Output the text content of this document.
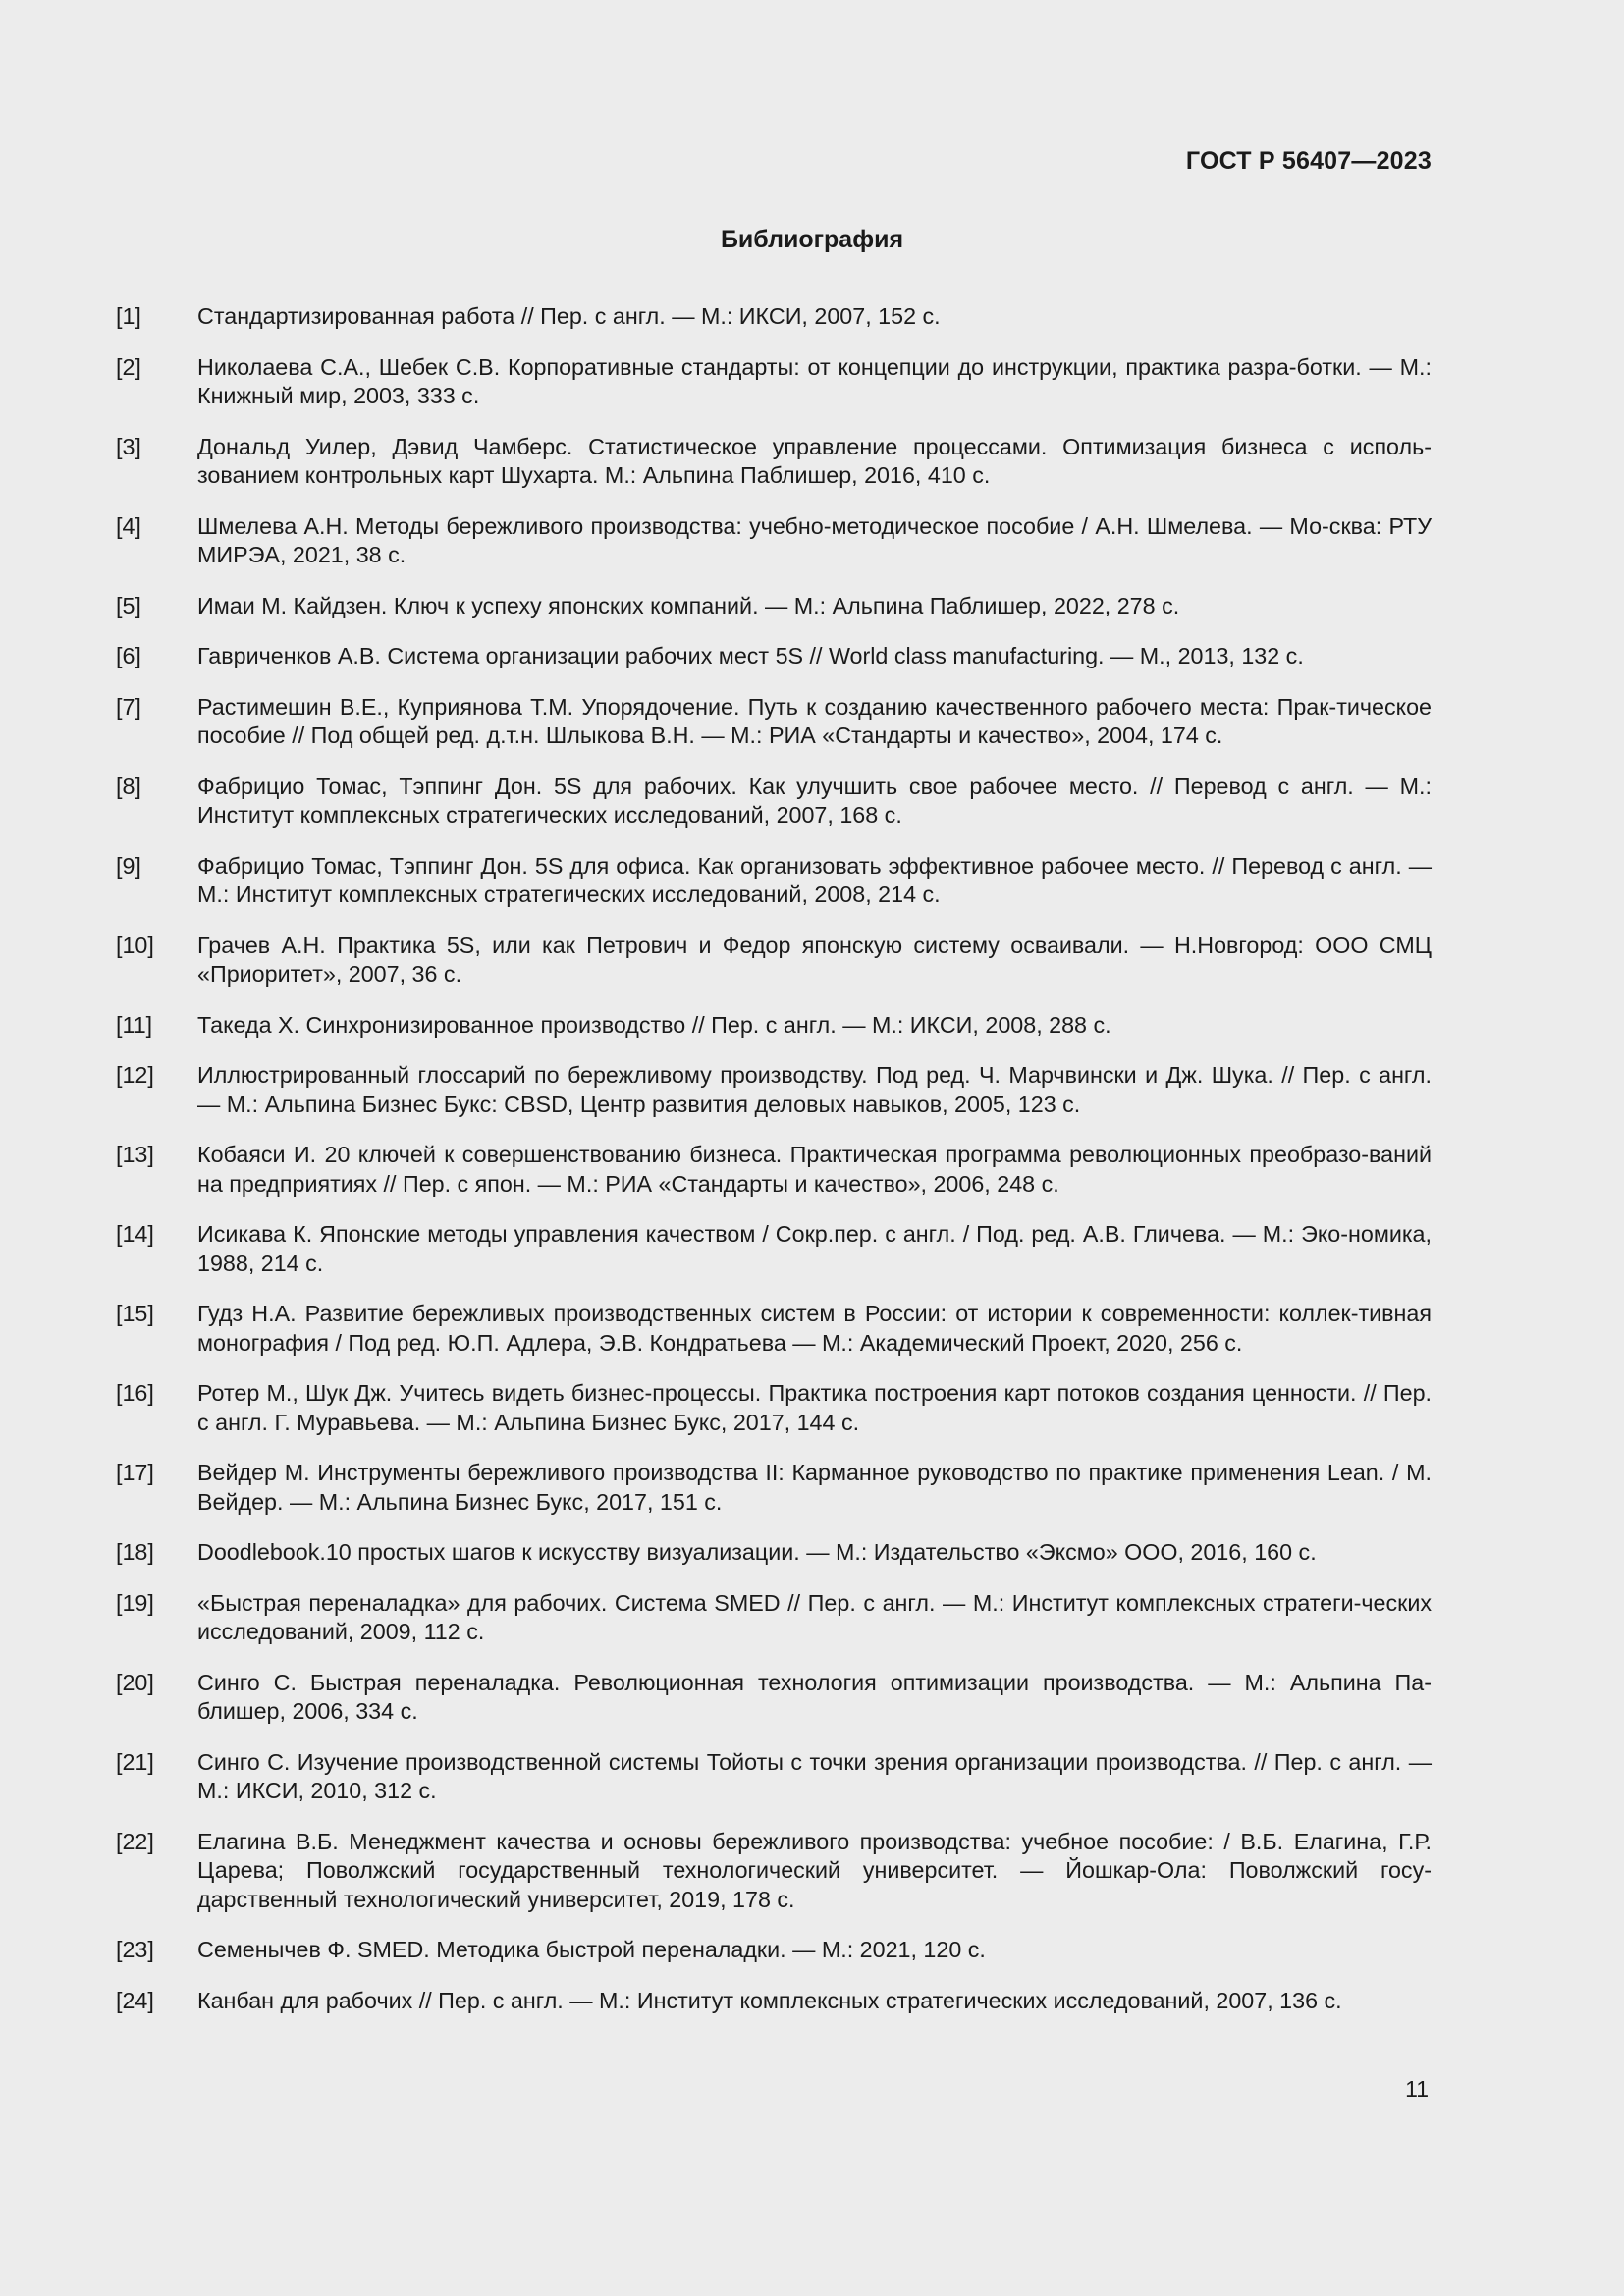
ГОСТ Р 56407—2023
Библиография
[1]	Стандартизированная работа // Пер. с англ. — М.: ИКСИ, 2007, 152 с.
[2]	Николаева С.А., Шебек С.В. Корпоративные стандарты: от концепции до инструкции, практика разра-ботки. — М.: Книжный мир, 2003, 333 с.
[3]	Дональд Уилер, Дэвид Чамберс. Статистическое управление процессами. Оптимизация бизнеса с исполь-зованием контрольных карт Шухарта. М.: Альпина Паблишер, 2016, 410 с.
[4]	Шмелева А.Н. Методы бережливого производства: учебно-методическое пособие / А.Н. Шмелева. — Мо-сква: РТУ МИРЭА, 2021, 38 с.
[5]	Имаи М. Кайдзен. Ключ к успеху японских компаний. — М.: Альпина Паблишер, 2022, 278 с.
[6]	Гавриченков А.В. Система организации рабочих мест 5S // World class manufacturing. — М., 2013, 132 с.
[7]	Растимешин В.Е., Куприянова Т.М. Упорядочение. Путь к созданию качественного рабочего места: Прак-тическое пособие // Под общей ред. д.т.н. Шлыкова В.Н. — М.: РИА «Стандарты и качество», 2004, 174 с.
[8]	Фабрицио Томас, Тэппинг Дон. 5S для рабочих. Как улучшить свое рабочее место. // Перевод с англ. — М.: Институт комплексных стратегических исследований, 2007, 168 с.
[9]	Фабрицио Томас, Тэппинг Дон. 5S для офиса. Как организовать эффективное рабочее место. // Перевод с англ. — М.: Институт комплексных стратегических исследований, 2008, 214 с.
[10]	Грачев А.Н. Практика 5S, или как Петрович и Федор японскую систему осваивали. — Н.Новгород: ООО СМЦ «Приоритет», 2007, 36 с.
[11]	Такеда Х. Синхронизированное производство // Пер. с англ. — М.: ИКСИ, 2008, 288 с.
[12]	Иллюстрированный глоссарий по бережливому производству. Под ред. Ч. Марчвински и Дж. Шука. // Пер. с англ. — М.: Альпина Бизнес Букс: CBSD, Центр развития деловых навыков, 2005, 123 с.
[13]	Кобаяси И. 20 ключей к совершенствованию бизнеса. Практическая программа революционных преобразо-ваний на предприятиях // Пер. с япон. — М.: РИА «Стандарты и качество», 2006, 248 с.
[14]	Исикава К. Японские методы управления качеством / Сокр.пер. с англ. / Под. ред. А.В. Гличева. — М.: Эко-номика, 1988, 214 с.
[15]	Гудз Н.А. Развитие бережливых производственных систем в России: от истории к современности: коллек-тивная монография / Под ред. Ю.П. Адлера, Э.В. Кондратьева — М.: Академический Проект, 2020, 256 с.
[16]	Ротер М., Шук Дж. Учитесь видеть бизнес-процессы. Практика построения карт потоков создания ценности. // Пер. с англ. Г. Муравьева. — М.: Альпина Бизнес Букс, 2017, 144 с.
[17]	Вейдер М. Инструменты бережливого производства II: Карманное руководство по практике применения Lean. / М. Вейдер. — М.: Альпина Бизнес Букс, 2017, 151 с.
[18]	Doodlebook.10 простых шагов к искусству визуализации. — М.: Издательство «Эксмо» ООО, 2016, 160 с.
[19]	«Быстрая переналадка» для рабочих. Система SMED // Пер. с англ. — М.: Институт комплексных стратеги-ческих исследований, 2009, 112 с.
[20]	Синго С. Быстрая переналадка. Революционная технология оптимизации производства. — М.: Альпина Па-блишер, 2006, 334 с.
[21]	Синго С. Изучение производственной системы Тойоты с точки зрения организации производства. // Пер. с англ. — М.: ИКСИ, 2010, 312 с.
[22]	Елагина В.Б. Менеджмент качества и основы бережливого производства: учебное пособие: / В.Б. Елагина, Г.Р. Царева; Поволжский государственный технологический университет. — Йошкар-Ола: Поволжский госу-дарственный технологический университет, 2019, 178 с.
[23]	Семенычев Ф. SMED. Методика быстрой переналадки. — М.: 2021, 120 с.
[24]	Канбан для рабочих // Пер. с англ. — М.: Институт комплексных стратегических исследований, 2007, 136 с.
11
